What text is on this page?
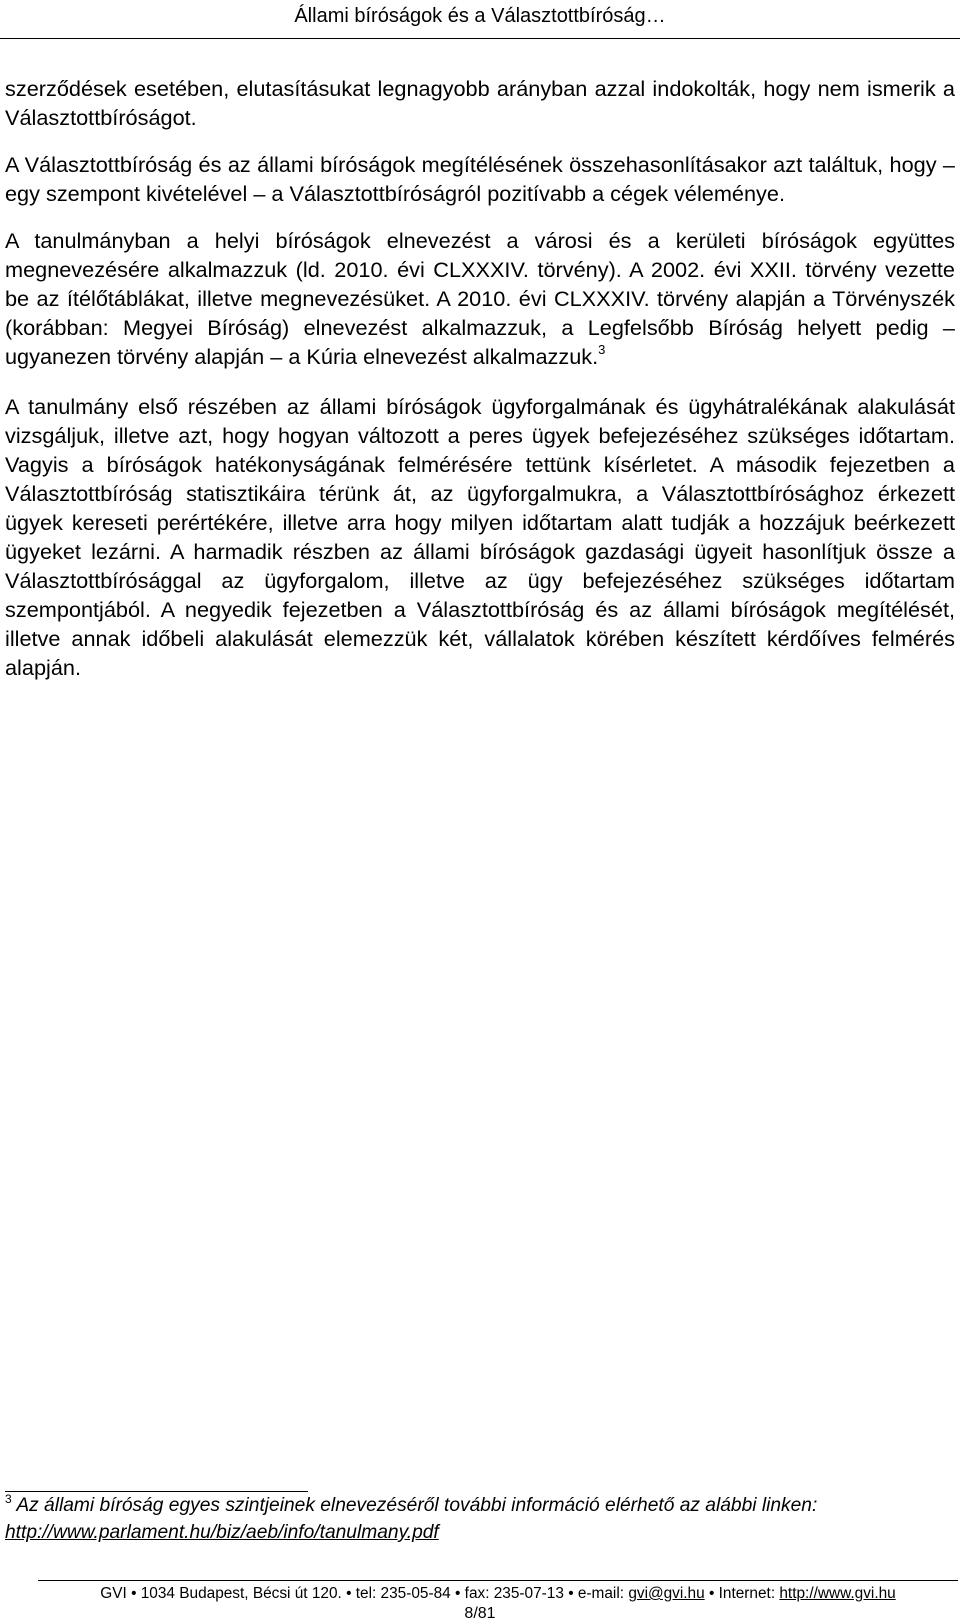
Állami bíróságok és a Választottbíróság…

szerződések esetében, elutasításukat legnagyobb arányban azzal indokolták, hogy nem ismerik a Választottbíróságot.

A Választottbíróság és az állami bíróságok megítélésének összehasonlításakor azt találtuk, hogy – egy szempont kivételével – a Választottbíróságról pozitívabb a cégek véleménye.

A tanulmányban a helyi bíróságok elnevezést a városi és a kerületi bíróságok együttes megnevezésére alkalmazzuk (ld. 2010. évi CLXXXIV. törvény). A 2002. évi XXII. törvény vezette be az ítélőtáblákat, illetve megnevezésüket. A 2010. évi CLXXXIV. törvény alapján a Törvényszék (korábban: Megyei Bíróság) elnevezést alkalmazzuk, a Legfelsőbb Bíróság helyett pedig – ugyanezen törvény alapján – a Kúria elnevezést alkalmazzuk.$^3$

A tanulmány első részében az állami bíróságok ügyforgalmának és ügyhátralékának alakulását vizsgáljuk, illetve azt, hogy hogyan változott a peres ügyek befejezéséhez szükséges időtartam. Vagyis a bíróságok hatékonyságának felmérésére tettünk kísérletet. A második fejezetben a Választottbíróság statisztikáira térünk át, az ügyforgalmukra, a Választottbírósághoz érkezett ügyek kereseti perértékére, illetve arra hogy milyen időtartam alatt tudják a hozzájuk beérkezett ügyeket lezárni. A harmadik részben az állami bíróságok gazdasági ügyeit hasonlítjuk össze a Választottbírósággal az ügyforgalom, illetve az ügy befejezéséhez szükséges időtartam szempontjából. A negyedik fejezetben a Választottbíróság és az állami bíróságok megítélését, illetve annak időbeli alakulását elemezzük két, vállalatok körében készített kérdőíves felmérés alapján.

$^3$ Az állami bíróság egyes szintjeinek elnevezéséről további információ elérhető az alábbi linken:
http://www.parlament.hu/biz/aeb/info/tanulmany.pdf
GVI • 1034 Budapest, Bécsi út 120. • tel: 235-05-84 • fax: 235-07-13 • e-mail: gvi@gvi.hu • Internet: http://www.gvi.hu
8/81
